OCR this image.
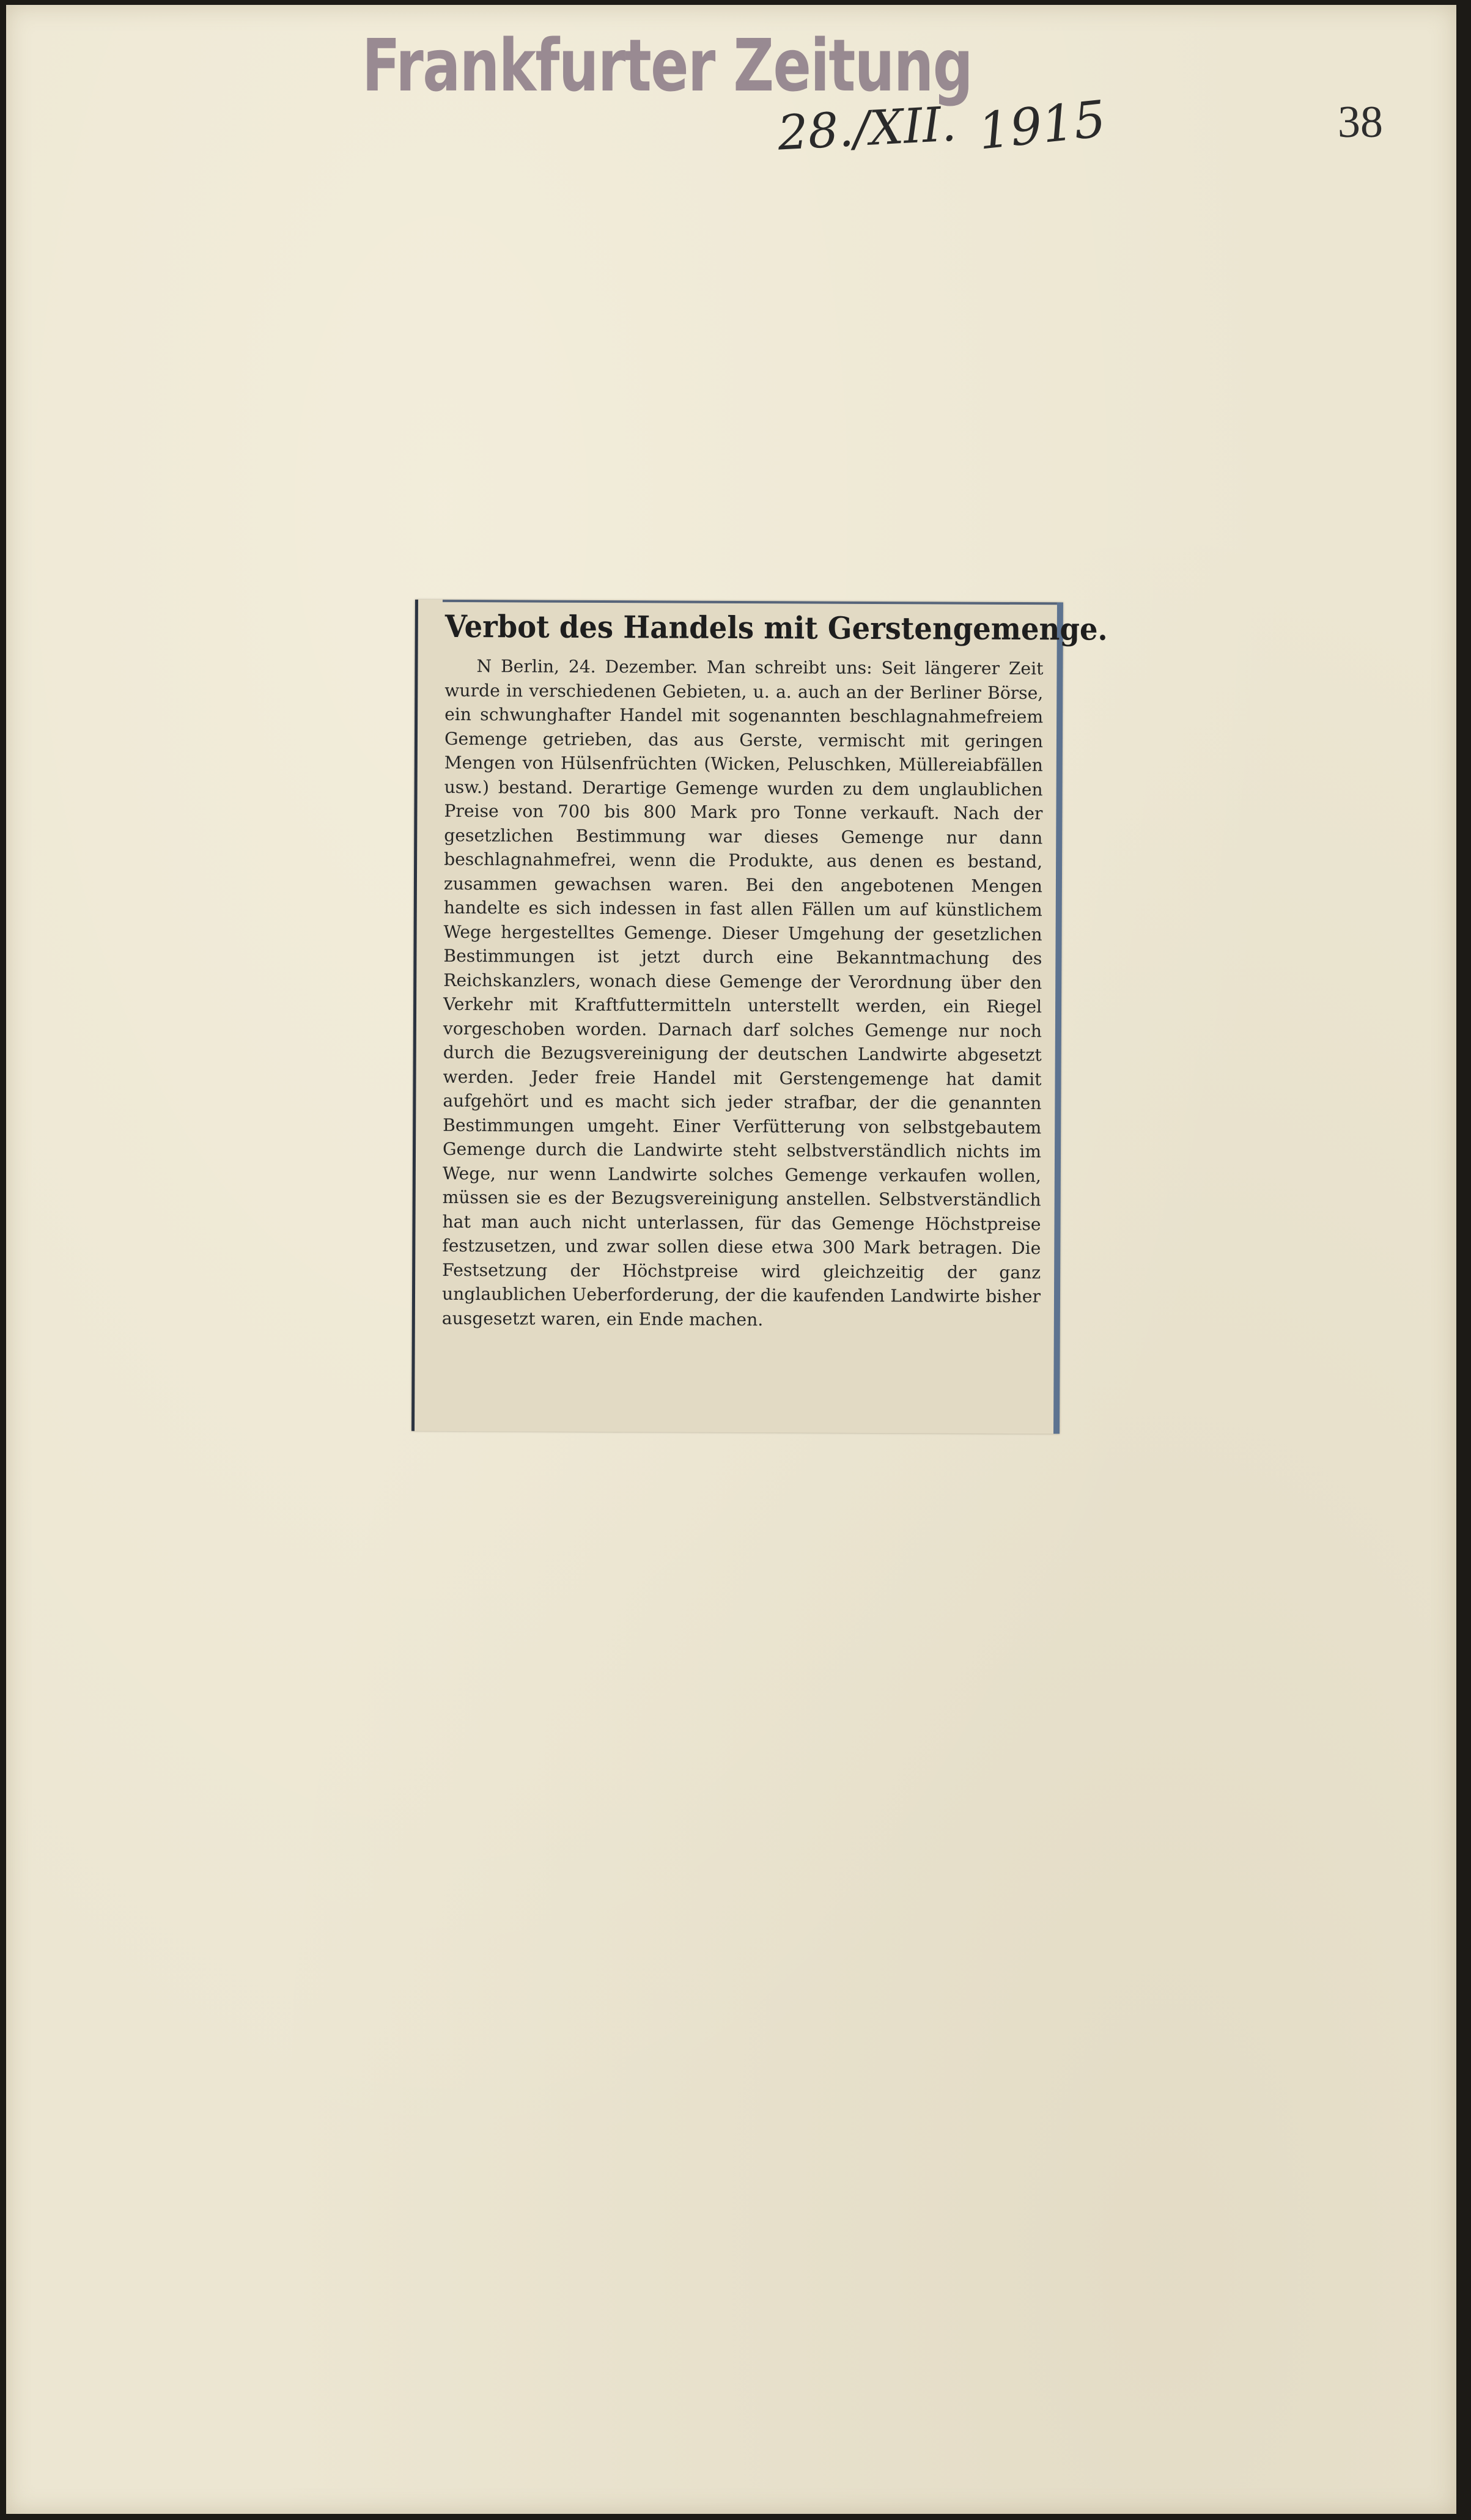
Frankfurter Zeitung
28./XII. 1915	38
Verbot des Handels mit Gerstengemenge.

N Berlin, 24. Dezember. Man schreibt uns: Seit längerer Zeit wurde in verschiedenen Gebieten, u. a. auch an der Berliner Börse, ein schwunghafter Handel mit sogenannten beschlagnahmefreiem Gemenge getrieben, das aus Gerste, vermischt mit geringen Mengen von Hülsenfrüchten (Wicken, Peluschken, Müllereiabfällen usw.) bestand. Derartige Gemenge wurden zu dem unglaublichen Preise von 700 bis 800 Mark pro Tonne verkauft. Nach der gesetzlichen Bestimmung war dieses Gemenge nur dann beschlagnahmefrei, wenn die Produkte, aus denen es bestand, zusammen gewachsen waren. Bei den angebotenen Mengen handelte es sich indessen in fast allen Fällen um auf künstlichem Wege hergestelltes Gemenge. Dieser Umgehung der gesetzlichen Bestimmungen ist jetzt durch eine Bekanntmachung des Reichskanzlers, wonach diese Gemenge der Verordnung über den Verkehr mit Kraftfuttermitteln unterstellt werden, ein Riegel vorgeschoben worden. Darnach darf solches Gemenge nur noch durch die Bezugsvereinigung der deutschen Landwirte abgesetzt werden. Jeder freie Handel mit Gerstengemenge hat damit aufgehört und es macht sich jeder strafbar, der die genannten Bestimmungen umgeht. Einer Verfütterung von selbstgebautem Gemenge durch die Landwirte steht selbstverständlich nichts im Wege, nur wenn Landwirte solches Gemenge verkaufen wollen, müssen sie es der Bezugsvereinigung anstellen. Selbstverständlich hat man auch nicht unterlassen, für das Gemenge Höchstpreise festzusetzen, und zwar sollen diese etwa 300 Mark betragen. Die Festsetzung der Höchstpreise wird gleichzeitig der ganz unglaublichen Ueberforderung, der die kaufenden Landwirte bisher ausgesetzt waren, ein Ende machen.
